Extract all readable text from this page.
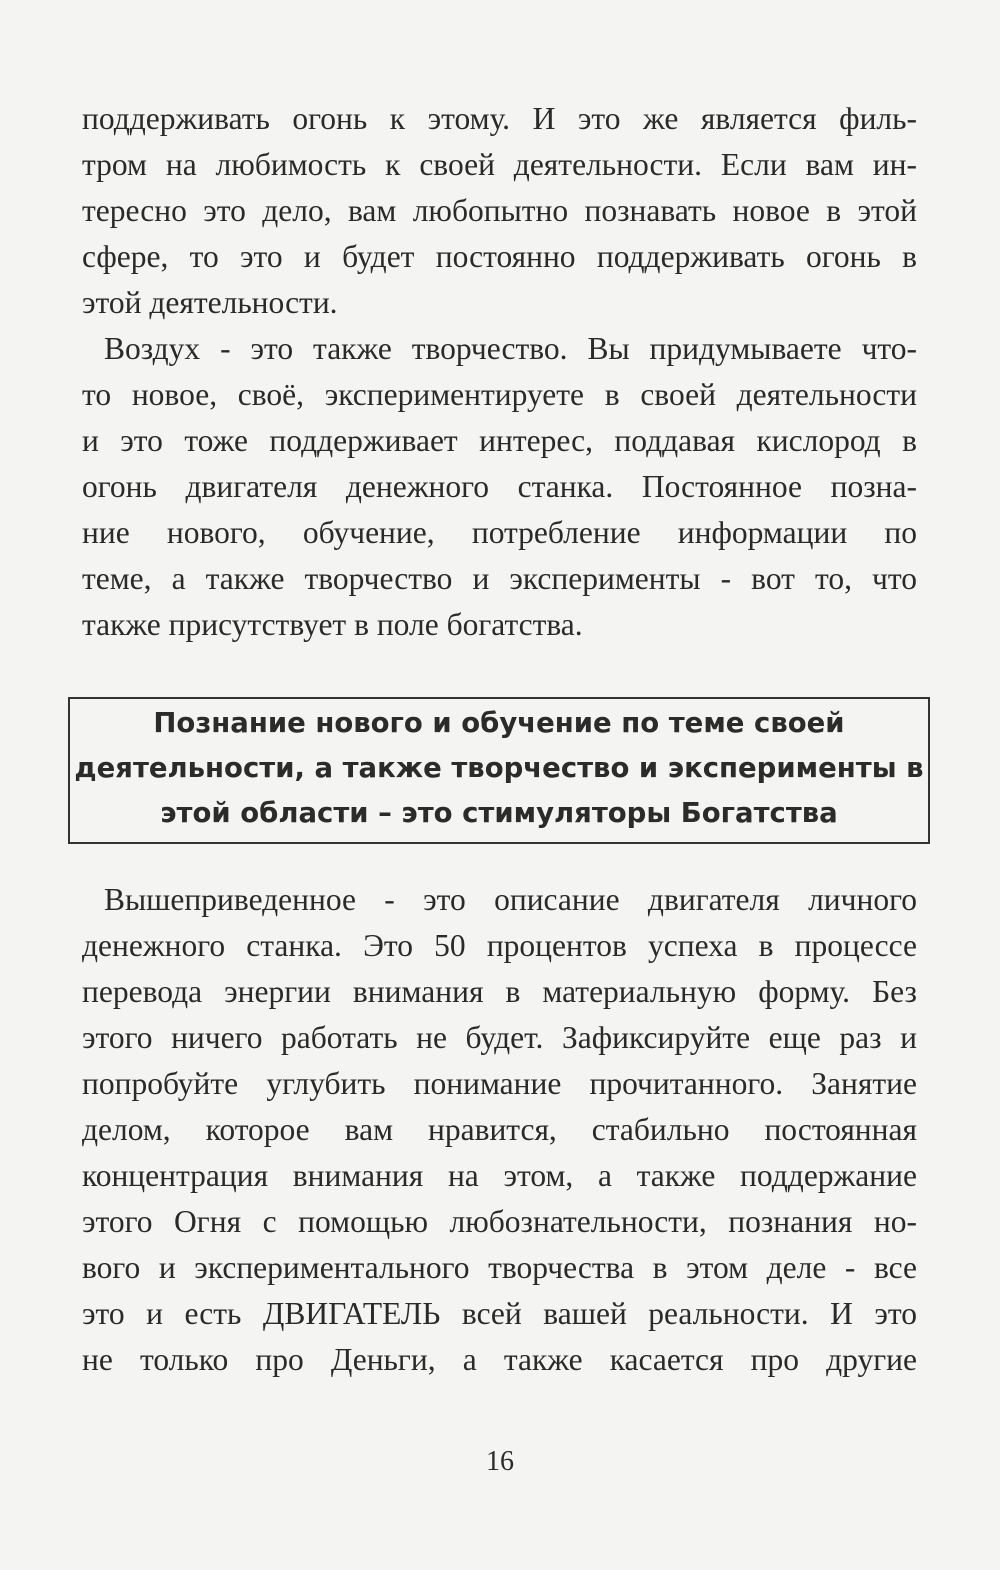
поддерживать огонь к этому. И это же является филь-
тром на любимость к своей деятельности. Если вам ин-
тересно это дело, вам любопытно познавать новое в этой
сфере, то это и будет постоянно поддерживать огонь в
этой деятельности.
Воздух - это также творчество. Вы придумываете что-
то новое, своё, экспериментируете в своей деятельности
и это тоже поддерживает интерес, поддавая кислород в
огонь двигателя денежного станка. Постоянное позна-
ние нового, обучение, потребление информации по
теме, а также творчество и эксперименты - вот то, что
также присутствует в поле богатства.
Познание нового и обучение по теме своей
деятельности, а также творчество и эксперименты в
этой области – это стимуляторы Богатства
Вышеприведенное - это описание двигателя личного
денежного станка. Это 50 процентов успеха в процессе
перевода энергии внимания в материальную форму. Без
этого ничего работать не будет. Зафиксируйте еще раз и
попробуйте углубить понимание прочитанного. Занятие
делом, которое вам нравится, стабильно постоянная
концентрация внимания на этом, а также поддержание
этого Огня с помощью любознательности, познания но-
вого и экспериментального творчества в этом деле - все
это и есть ДВИГАТЕЛЬ всей вашей реальности. И это
не только про Деньги, а также касается про другие
16
